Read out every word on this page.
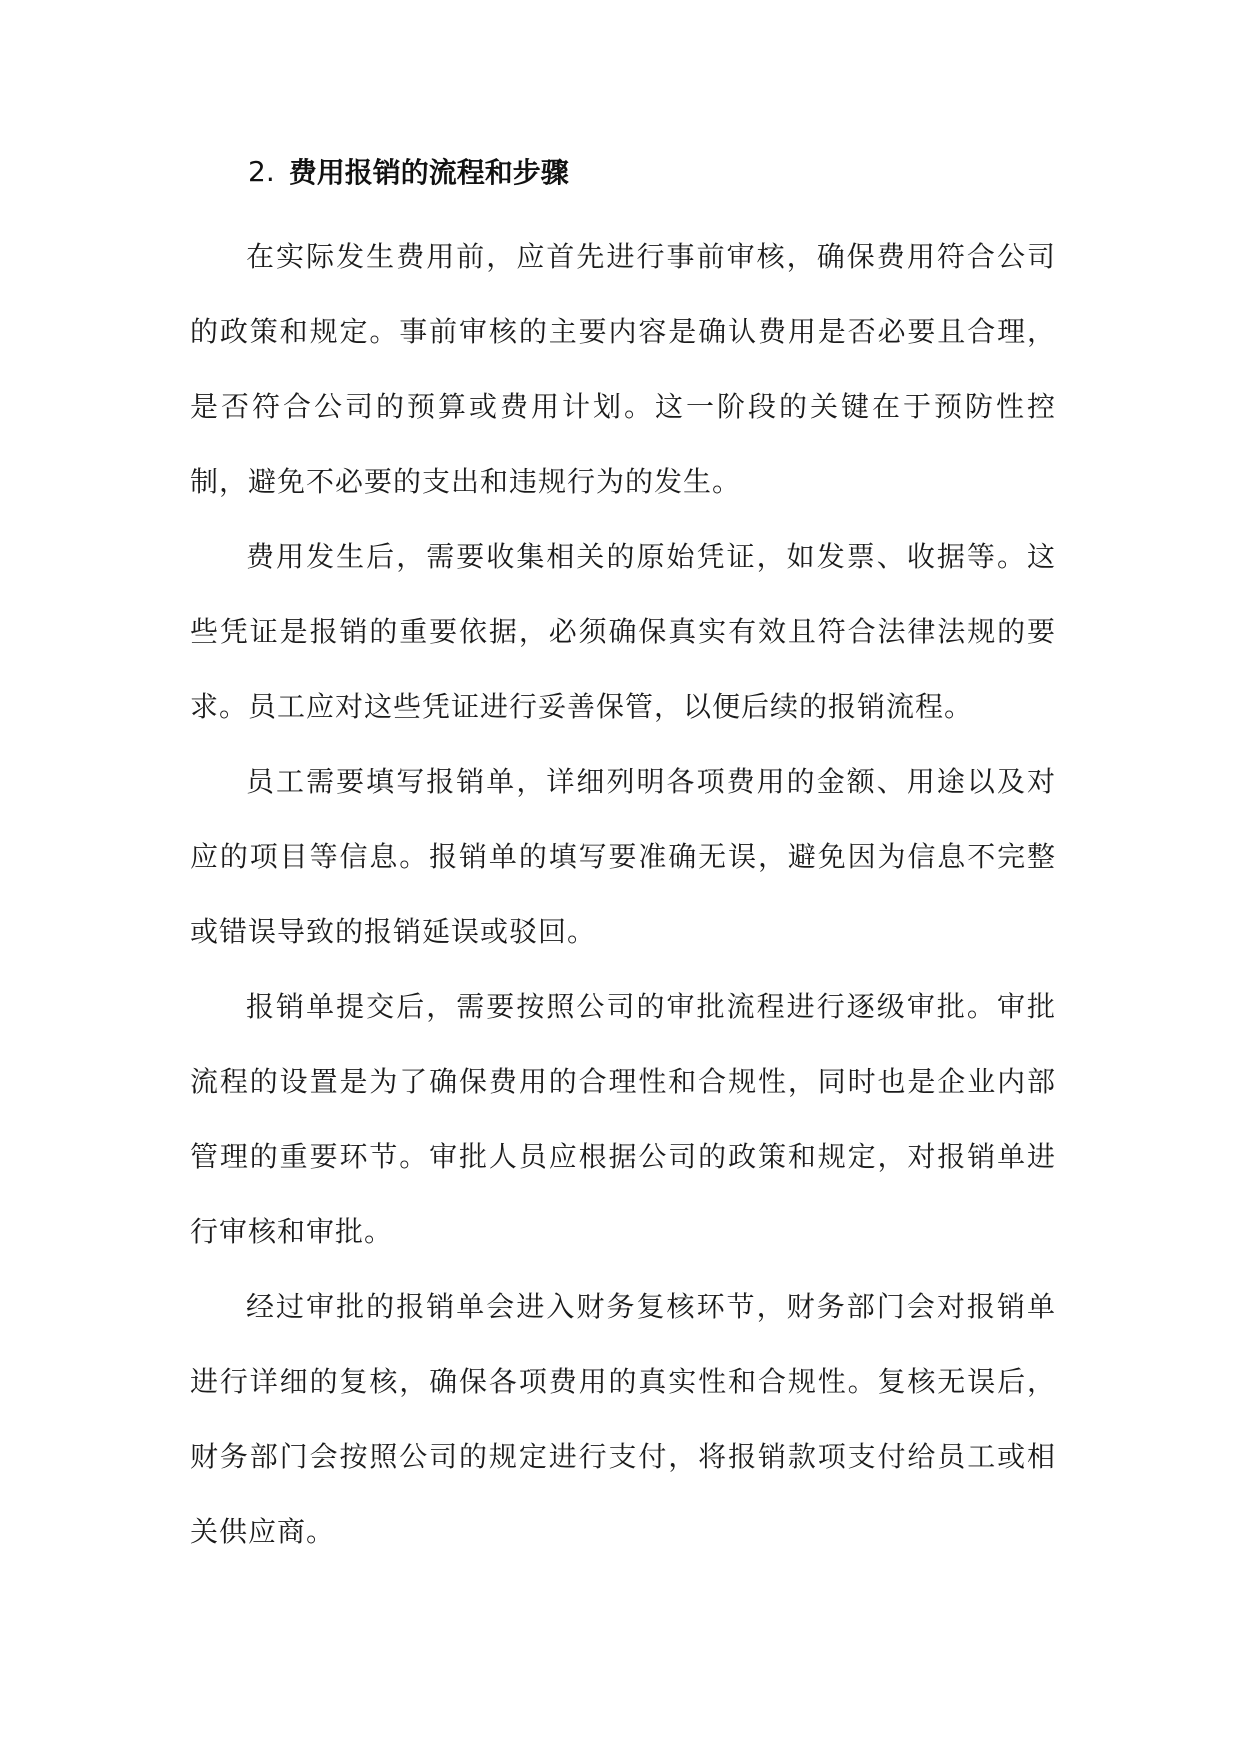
2. 费用报销的流程和步骤

在实际发生费用前，应首先进行事前审核，确保费用符合公司的政策和规定。事前审核的主要内容是确认费用是否必要且合理，是否符合公司的预算或费用计划。这一阶段的关键在于预防性控制，避免不必要的支出和违规行为的发生。

费用发生后，需要收集相关的原始凭证，如发票、收据等。这些凭证是报销的重要依据，必须确保真实有效且符合法律法规的要求。员工应对这些凭证进行妥善保管，以便后续的报销流程。

员工需要填写报销单，详细列明各项费用的金额、用途以及对应的项目等信息。报销单的填写要准确无误，避免因为信息不完整或错误导致的报销延误或驳回。

报销单提交后，需要按照公司的审批流程进行逐级审批。审批流程的设置是为了确保费用的合理性和合规性，同时也是企业内部管理的重要环节。审批人员应根据公司的政策和规定，对报销单进行审核和审批。

经过审批的报销单会进入财务复核环节，财务部门会对报销单进行详细的复核，确保各项费用的真实性和合规性。复核无误后，财务部门会按照公司的规定进行支付，将报销款项支付给员工或相关供应商。
